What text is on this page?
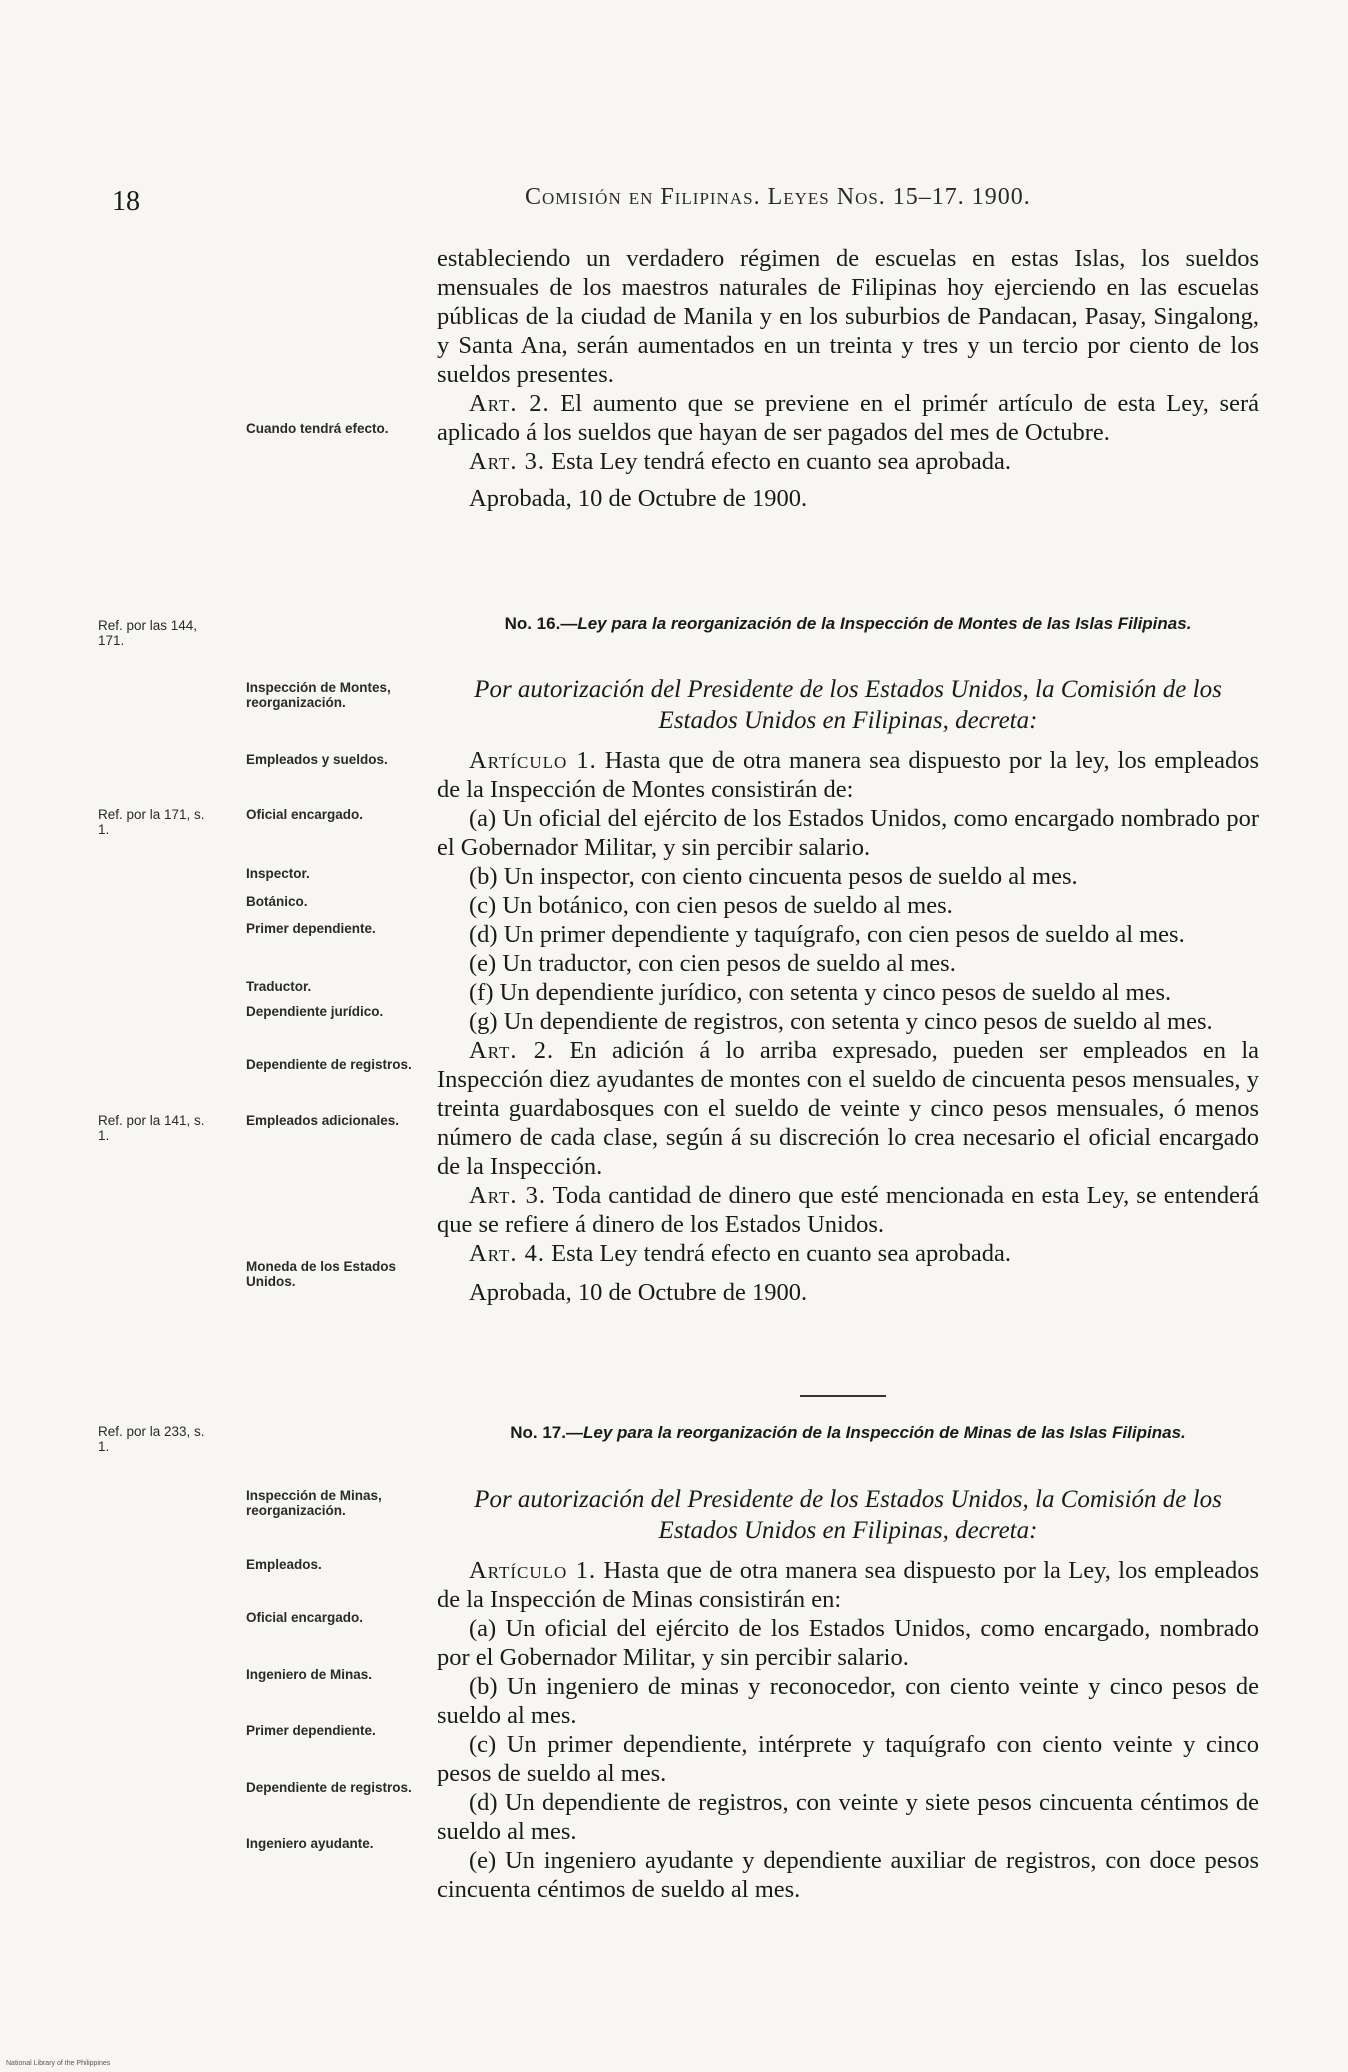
18	Comisión en Filipinas. Leyes Nos. 15–17. 1900.

estableciendo un verdadero régimen de escuelas en estas Islas, los sueldos mensuales de los maestros naturales de Filipinas hoy ejerciendo en las escuelas públicas de la ciudad de Manila y en los suburbios de Pandacan, Pasay, Singalong, y Santa Ana, serán aumentados en un treinta y tres y un tercio por ciento de los sueldos presentes.

Art. 2. El aumento que se previene en el primér artículo de esta Ley, será aplicado á los sueldos que hayan de ser pagados del mes de Octubre.

Art. 3. Esta Ley tendrá efecto en cuanto sea aprobada.

Aprobada, 10 de Octubre de 1900.

Cuando tendrá efecto.
Ref. por las 144, 171.
No. 16.—Ley para la reorganización de la Inspección de Montes de las Islas Filipinas.

Por autorización del Presidente de los Estados Unidos, la Comisión de los Estados Unidos en Filipinas, decreta:

Artículo 1. Hasta que de otra manera sea dispuesto por la ley, los empleados de la Inspección de Montes consistirán de:

(a) Un oficial del ejército de los Estados Unidos, como encargado nombrado por el Gobernador Militar, y sin percibir salario.

(b) Un inspector, con ciento cincuenta pesos de sueldo al mes.

(c) Un botánico, con cien pesos de sueldo al mes.

(d) Un primer dependiente y taquígrafo, con cien pesos de sueldo al mes.

(e) Un traductor, con cien pesos de sueldo al mes.

(f) Un dependiente jurídico, con setenta y cinco pesos de sueldo al mes.

(g) Un dependiente de registros, con setenta y cinco pesos de sueldo al mes.

Art. 2. En adición á lo arriba expresado, pueden ser empleados en la Inspección diez ayudantes de montes con el sueldo de cincuenta pesos mensuales, y treinta guardabosques con el sueldo de veinte y cinco pesos mensuales, ó menos número de cada clase, según á su discreción lo crea necesario el oficial encargado de la Inspección.

Art. 3. Toda cantidad de dinero que esté mencionada en esta Ley, se entenderá que se refiere á dinero de los Estados Unidos.

Art. 4. Esta Ley tendrá efecto en cuanto sea aprobada.

Aprobada, 10 de Octubre de 1900.

Inspección de Montes, reorganización.
Empleados y sueldos.
Ref. por la 171, s. 1.
Oficial encargado.
Inspector.
Botánico.
Primer dependiente.
Traductor.
Dependiente jurídico.
Dependiente de registros.
Ref. por la 141, s. 1.
Empleados adicionales.
Moneda de los Estados Unidos.
Ref. por la 233, s. 1.
No. 17.—Ley para la reorganización de la Inspección de Minas de las Islas Filipinas.

Por autorización del Presidente de los Estados Unidos, la Comisión de los Estados Unidos en Filipinas, decreta:

Artículo 1. Hasta que de otra manera sea dispuesto por la Ley, los empleados de la Inspección de Minas consistirán en:

(a) Un oficial del ejército de los Estados Unidos, como encargado, nombrado por el Gobernador Militar, y sin percibir salario.

(b) Un ingeniero de minas y reconocedor, con ciento veinte y cinco pesos de sueldo al mes.

(c) Un primer dependiente, intérprete y taquígrafo con ciento veinte y cinco pesos de sueldo al mes.

(d) Un dependiente de registros, con veinte y siete pesos cincuenta céntimos de sueldo al mes.

(e) Un ingeniero ayudante y dependiente auxiliar de registros, con doce pesos cincuenta céntimos de sueldo al mes.

Inspección de Minas, reorganización.
Empleados.
Oficial encargado.
Ingeniero de Minas.
Primer dependiente.
Dependiente de registros.
Ingeniero ayudante.
National Library of the Philippines
